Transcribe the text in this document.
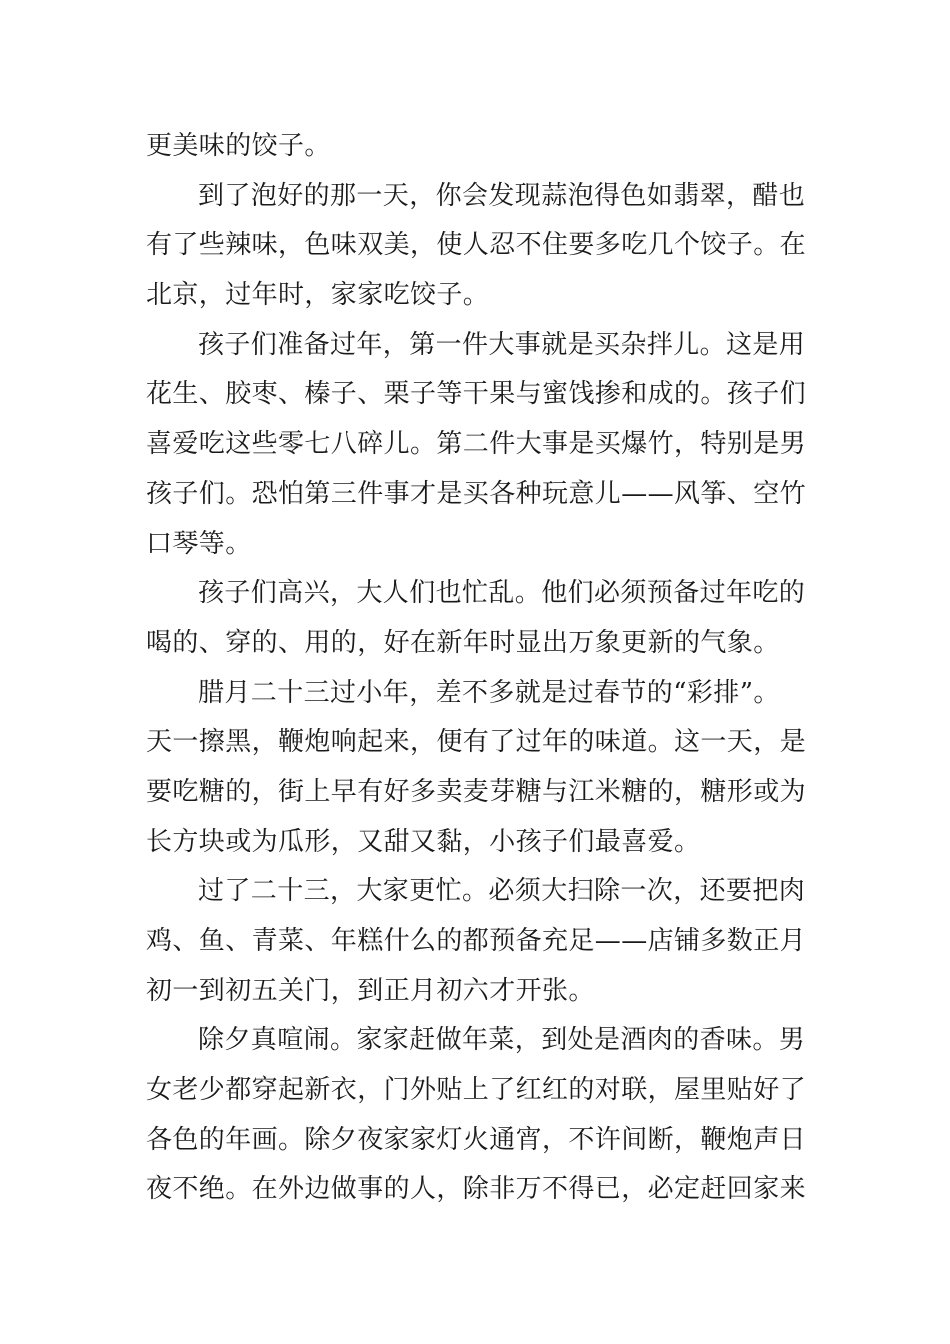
更美味的饺子。
到了泡好的那一天，你会发现蒜泡得色如翡翠，醋也
有了些辣味，色味双美，使人忍不住要多吃几个饺子。在
北京，过年时，家家吃饺子。
孩子们准备过年，第一件大事就是买杂拌儿。这是用
花生、胶枣、榛子、栗子等干果与蜜饯掺和成的。孩子们
喜爱吃这些零七八碎儿。第二件大事是买爆竹，特别是男
孩子们。恐怕第三件事才是买各种玩意儿——风筝、空竹
口琴等。
孩子们高兴，大人们也忙乱。他们必须预备过年吃的
喝的、穿的、用的，好在新年时显出万象更新的气象。
腊月二十三过小年，差不多就是过春节的“彩排”。
天一擦黑，鞭炮响起来，便有了过年的味道。这一天，是
要吃糖的，街上早有好多卖麦芽糖与江米糖的，糖形或为
长方块或为瓜形，又甜又黏，小孩子们最喜爱。
过了二十三，大家更忙。必须大扫除一次，还要把肉
鸡、鱼、青菜、年糕什么的都预备充足——店铺多数正月
初一到初五关门，到正月初六才开张。
除夕真喧闹。家家赶做年菜，到处是酒肉的香味。男
女老少都穿起新衣，门外贴上了红红的对联，屋里贴好了
各色的年画。除夕夜家家灯火通宵，不许间断，鞭炮声日
夜不绝。在外边做事的人，除非万不得已，必定赶回家来
